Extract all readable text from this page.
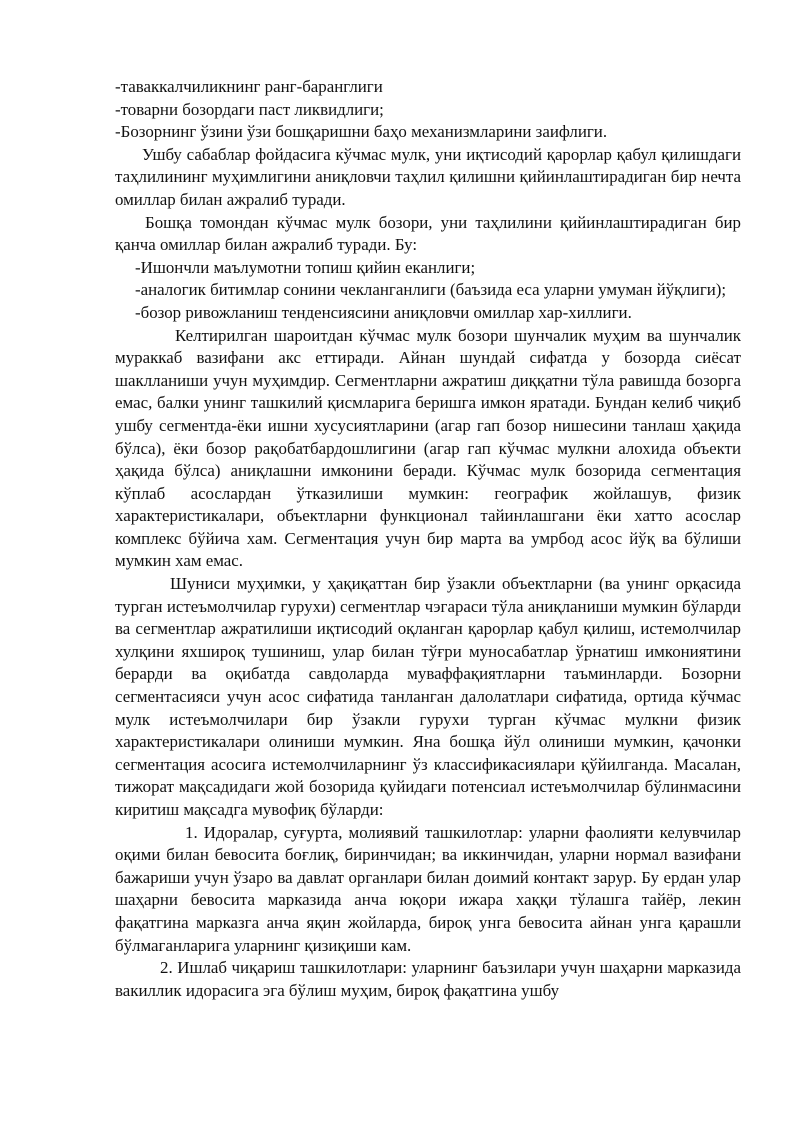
-таваккалчиликнинг ранг-баранглиги

-товарни бозордаги паст ликвидлиги;

-Бозорнинг ўзини ўзи бошқаришни баҳо механизмларини заифлиги.

Ушбу сабаблар фойдасига кўчмас мулк, уни иқтисодий қарорлар қабул қилишдаги таҳлилининг муҳимлигини аниқловчи таҳлил қилишни қийинлаштирадиган бир нечта омиллар билан ажралиб туради.

Бошқа томондан кўчмас мулк бозори, уни таҳлилини қийинлаштирадиган бир қанча омиллар билан ажралиб туради. Бу:

-Ишончли маълумотни топиш қийин еканлиги;

-аналогик битимлар сонини чекланганлиги (баъзида еса уларни умуман йўқлиги);

-бозор ривожланиш тенденсиясини аниқловчи омиллар хар-хиллиги.

Келтирилган шароитдан кўчмас мулк бозори шунчалик муҳим ва шунчалик мураккаб вазифани акс еттиради. Айнан шундай сифатда у бозорда сиёсат шаклланиши учун муҳимдир. Сегментларни ажратиш диққатни тўла равишда бозорга емас, балки унинг ташкилий қисмларига беришга имкон яратади. Бундан келиб чиқиб ушбу сегментда-ёки ишни хусусиятларини (агар гап бозор нишесини танлаш ҳақида бўлса), ёки бозор рақобатбардошлигини (агар гап кўчмас мулкни алохида объекти ҳақида бўлса) аниқлашни имконини беради. Кўчмас мулк бозорида сегментация кўплаб асослардан ўтказилиши мумкин: географик жойлашув, физик характеристикалари, объектларни функционал тайинлашгани ёки хатто асослар комплекс бўйича хам. Сегментация учун бир марта ва умрбод асос йўқ ва бўлиши мумкин хам емас.

Шуниси муҳимки, у ҳақиқаттан бир ўзакли объектларни (ва унинг орқасида турган истеъмолчилар гурухи) сегментлар чэгараси тўла аниқланиши мумкин бўларди ва сегментлар ажратилиши иқтисодий оқланган қарорлар қабул қилиш, истемолчилар хулқини яхшироқ тушиниш, улар билан тўғри муносабатлар ўрнатиш имкониятини берарди ва оқибатда савдоларда муваффақиятларни таъминларди. Бозорни сегментасияси учун асос сифатида танланган далолатлари сифатида, ортида кўчмас мулк истеъмолчилари бир ўзакли гурухи турган кўчмас мулкни физик характеристикалари олиниши мумкин. Яна бошқа йўл олиниши мумкин, қачонки сегментация асосига истемолчиларнинг ўз классификасиялари қўйилганда. Масалан, тижорат мақсадидаги жой бозорида қуйидаги потенсиал истеъмолчилар бўлинмасини киритиш мақсадга мувофиқ бўларди:

1. Идоралар, суғурта, молиявий ташкилотлар: уларни фаолияти келувчилар оқими билан бевосита боғлиқ, биринчидан; ва иккинчидан, уларни нормал вазифани бажариши учун ўзаро ва давлат органлари билан доимий контакт зарур. Бу ердан улар шаҳарни бевосита марказида анча юқори ижара хаққи тўлашга тайёр, лекин фақатгина марказга анча яқин жойларда, бироқ унга бевосита айнан унга қарашли бўлмаганларига уларнинг қизиқиши кам.

2. Ишлаб чиқариш ташкилотлари: уларнинг баъзилари учун шаҳарни марказида вакиллик идорасига эга бўлиш муҳим, бироқ фақатгина ушбу
